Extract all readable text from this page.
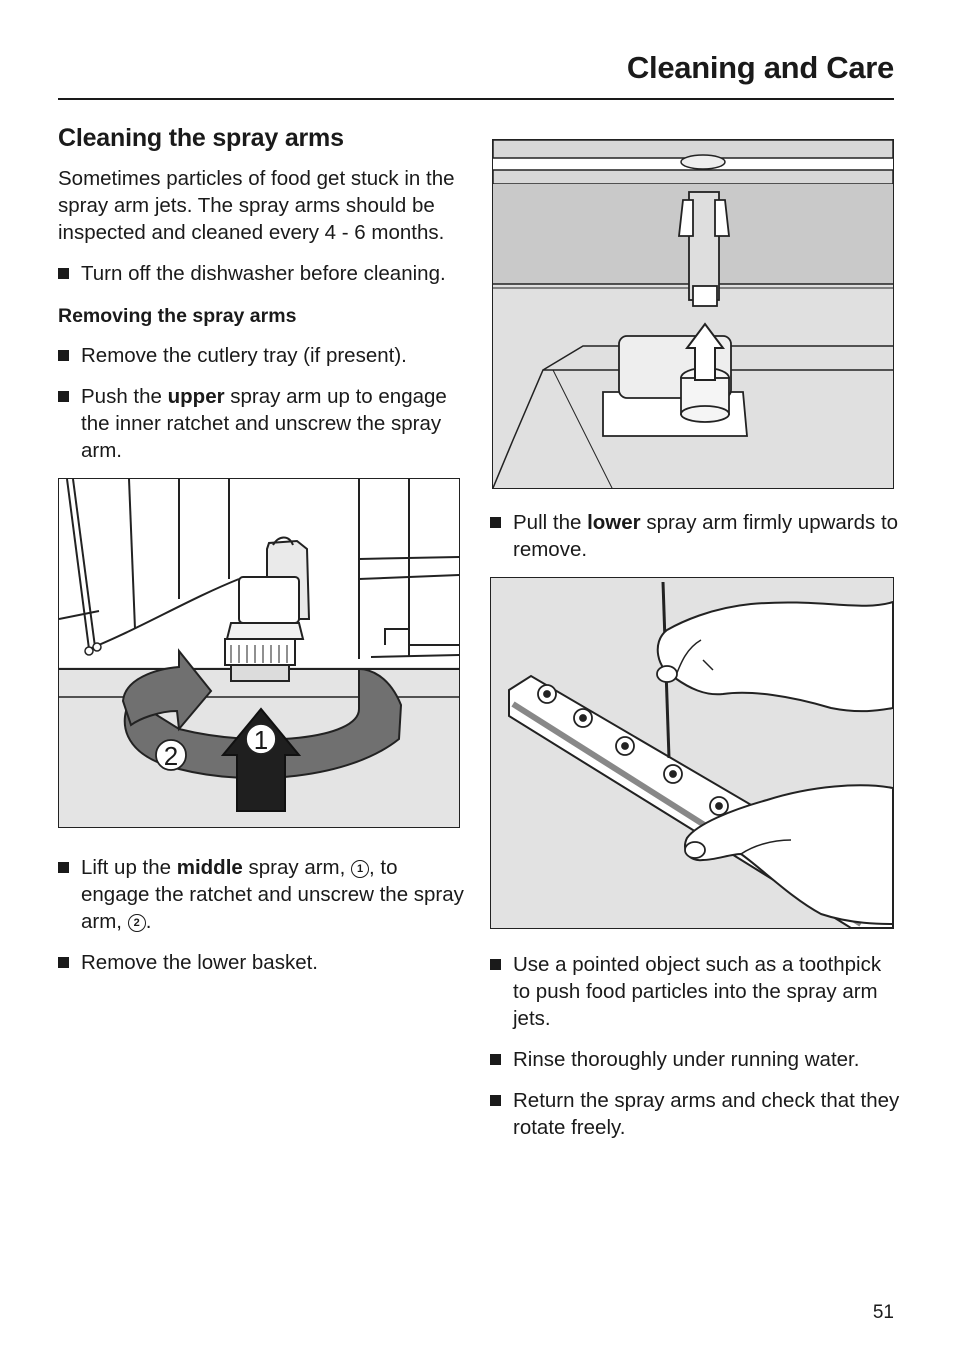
Cleaning and Care
Cleaning the spray arms

Sometimes particles of food get stuck in the spray arm jets. The spray arms should be inspected and cleaned every 4 - 6 months.

Turn off the dishwasher before cleaning.
Removing the spray arms
Remove the cutlery tray (if present).
Push the upper spray arm up to engage the inner ratchet and unscrew the spray arm.
2
1
Lift up the middle spray arm, 1 , to engage the ratchet and unscrew the spray arm, 2 .
Remove the lower basket.
Pull the lower spray arm firmly upwards to remove.
Use a pointed object such as a toothpick to push food particles into the spray arm jets.
Rinse thoroughly under running water.
Return the spray arms and check that they rotate freely.
51
